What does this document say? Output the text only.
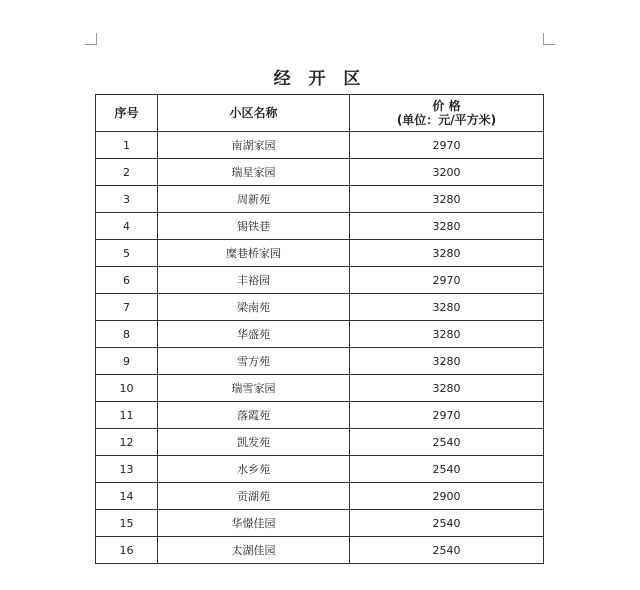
经 开 区
序号	小区名称	价 格
(单位：元/平方米)

1	南湖家园	2970
2	瑞星家园	3200
3	周新苑	3280
4	锡铁巷	3280
5	糜巷桥家园	3280
6	丰裕园	2970
7	梁南苑	3280
8	华盛苑	3280
9	雪方苑	3280
10	瑞雪家园	3280
11	落霞苑	2970
12	凯发苑	2540
13	水乡苑	2540
14	贡湖苑	2900
15	华憬佳园	2540
16	太湖佳园	2540
